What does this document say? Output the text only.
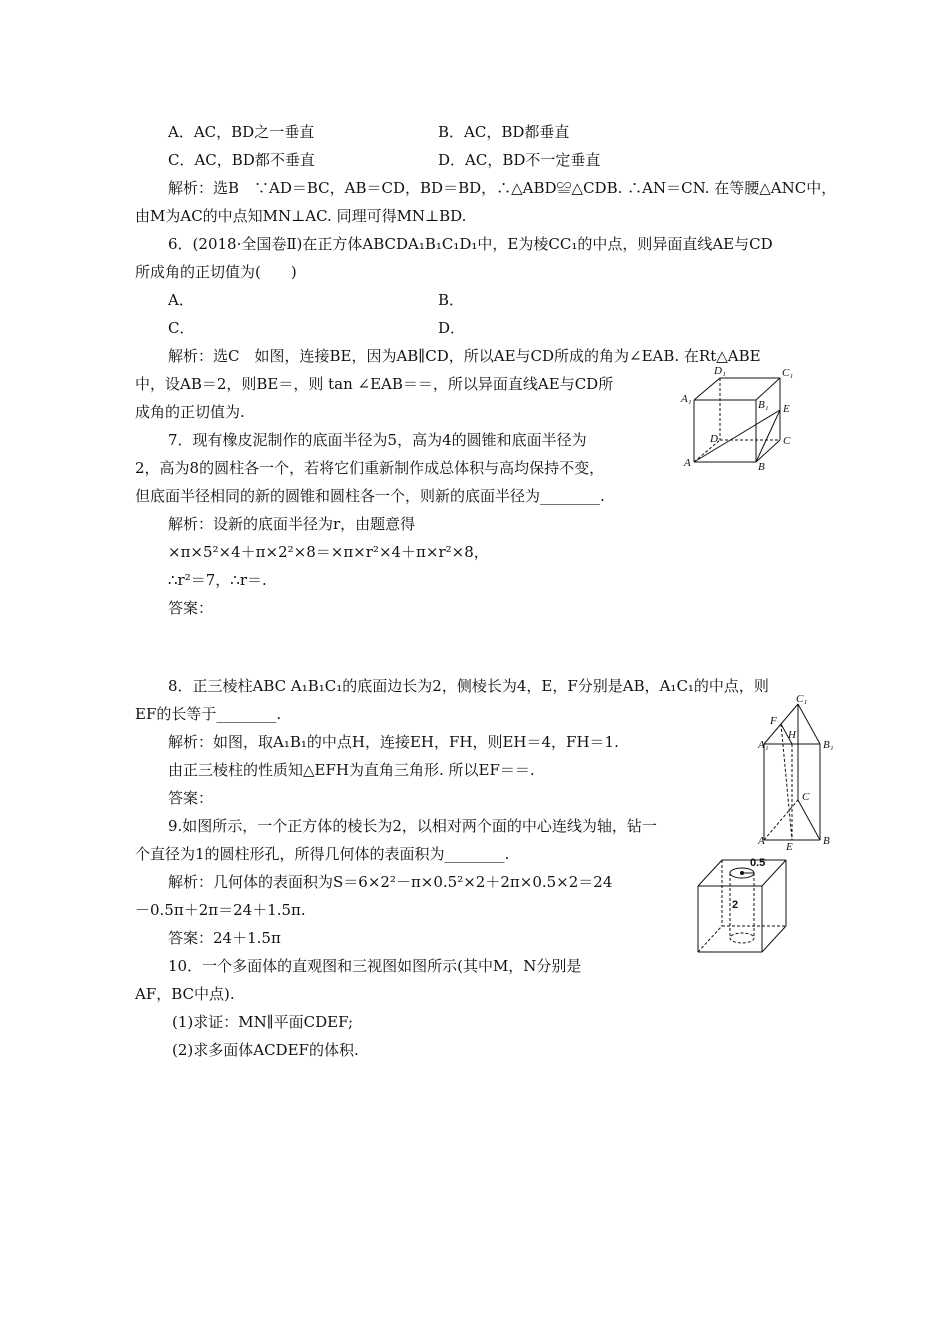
A．AC，BD之一垂直	B．AC，BD都垂直
C．AC，BD都不垂直	D．AC，BD不一定垂直
解析：选B　∵AD＝BC，AB＝CD，BD＝BD，∴△ABD≌△CDB. ∴AN＝CN. 在等腰△ANC中，
由M为AC的中点知MN⊥AC. 同理可得MN⊥BD.
6．(2018·全国卷Ⅱ)在正方体ABCDA₁B₁C₁D₁中，E为棱CC₁的中点，则异面直线AE与CD
所成角的正切值为(　　)
A．	B．
C．	D．
解析：选C　如图，连接BE，因为AB∥CD，所以AE与CD所成的角为∠EAB. 在Rt△ABE
中，设AB＝2，则BE＝，则 tan ∠EAB＝＝，所以异面直线AE与CD所
成角的正切值为.
7．现有橡皮泥制作的底面半径为5，高为4的圆锥和底面半径为
2，高为8的圆柱各一个，若将它们重新制作成总体积与高均保持不变，
但底面半径相同的新的圆锥和圆柱各一个，则新的底面半径为________.
解析：设新的底面半径为r，由题意得
×π×5²×4＋π×2²×8＝×π×r²×4＋π×r²×8，
∴r²＝7，∴r＝.
答案：
8．正三棱柱ABC A₁B₁C₁的底面边长为2，侧棱长为4，E，F分别是AB，A₁C₁的中点，则
EF的长等于________.
解析：如图，取A₁B₁的中点H，连接EH，FH，则EH＝4，FH＝1.
由正三棱柱的性质知△EFH为直角三角形. 所以EF＝＝.
答案：
9.如图所示，一个正方体的棱长为2，以相对两个面的中心连线为轴，钻一
个直径为1的圆柱形孔，所得几何体的表面积为________.
解析：几何体的表面积为S＝6×2²－π×0.5²×2＋2π×0.5×2＝24
－0.5π＋2π＝24＋1.5π.
答案：24＋1.5π
10．一个多面体的直观图和三视图如图所示(其中M，N分别是
AF，BC中点).
(1)求证：MN∥平面CDEF;
(2)求多面体ACDEF的体积.
D₁	C₁
A₁	B₁ E
D	C
A	B
C₁
F
H
A₁	B₁
C
A E	B
0.5
2
